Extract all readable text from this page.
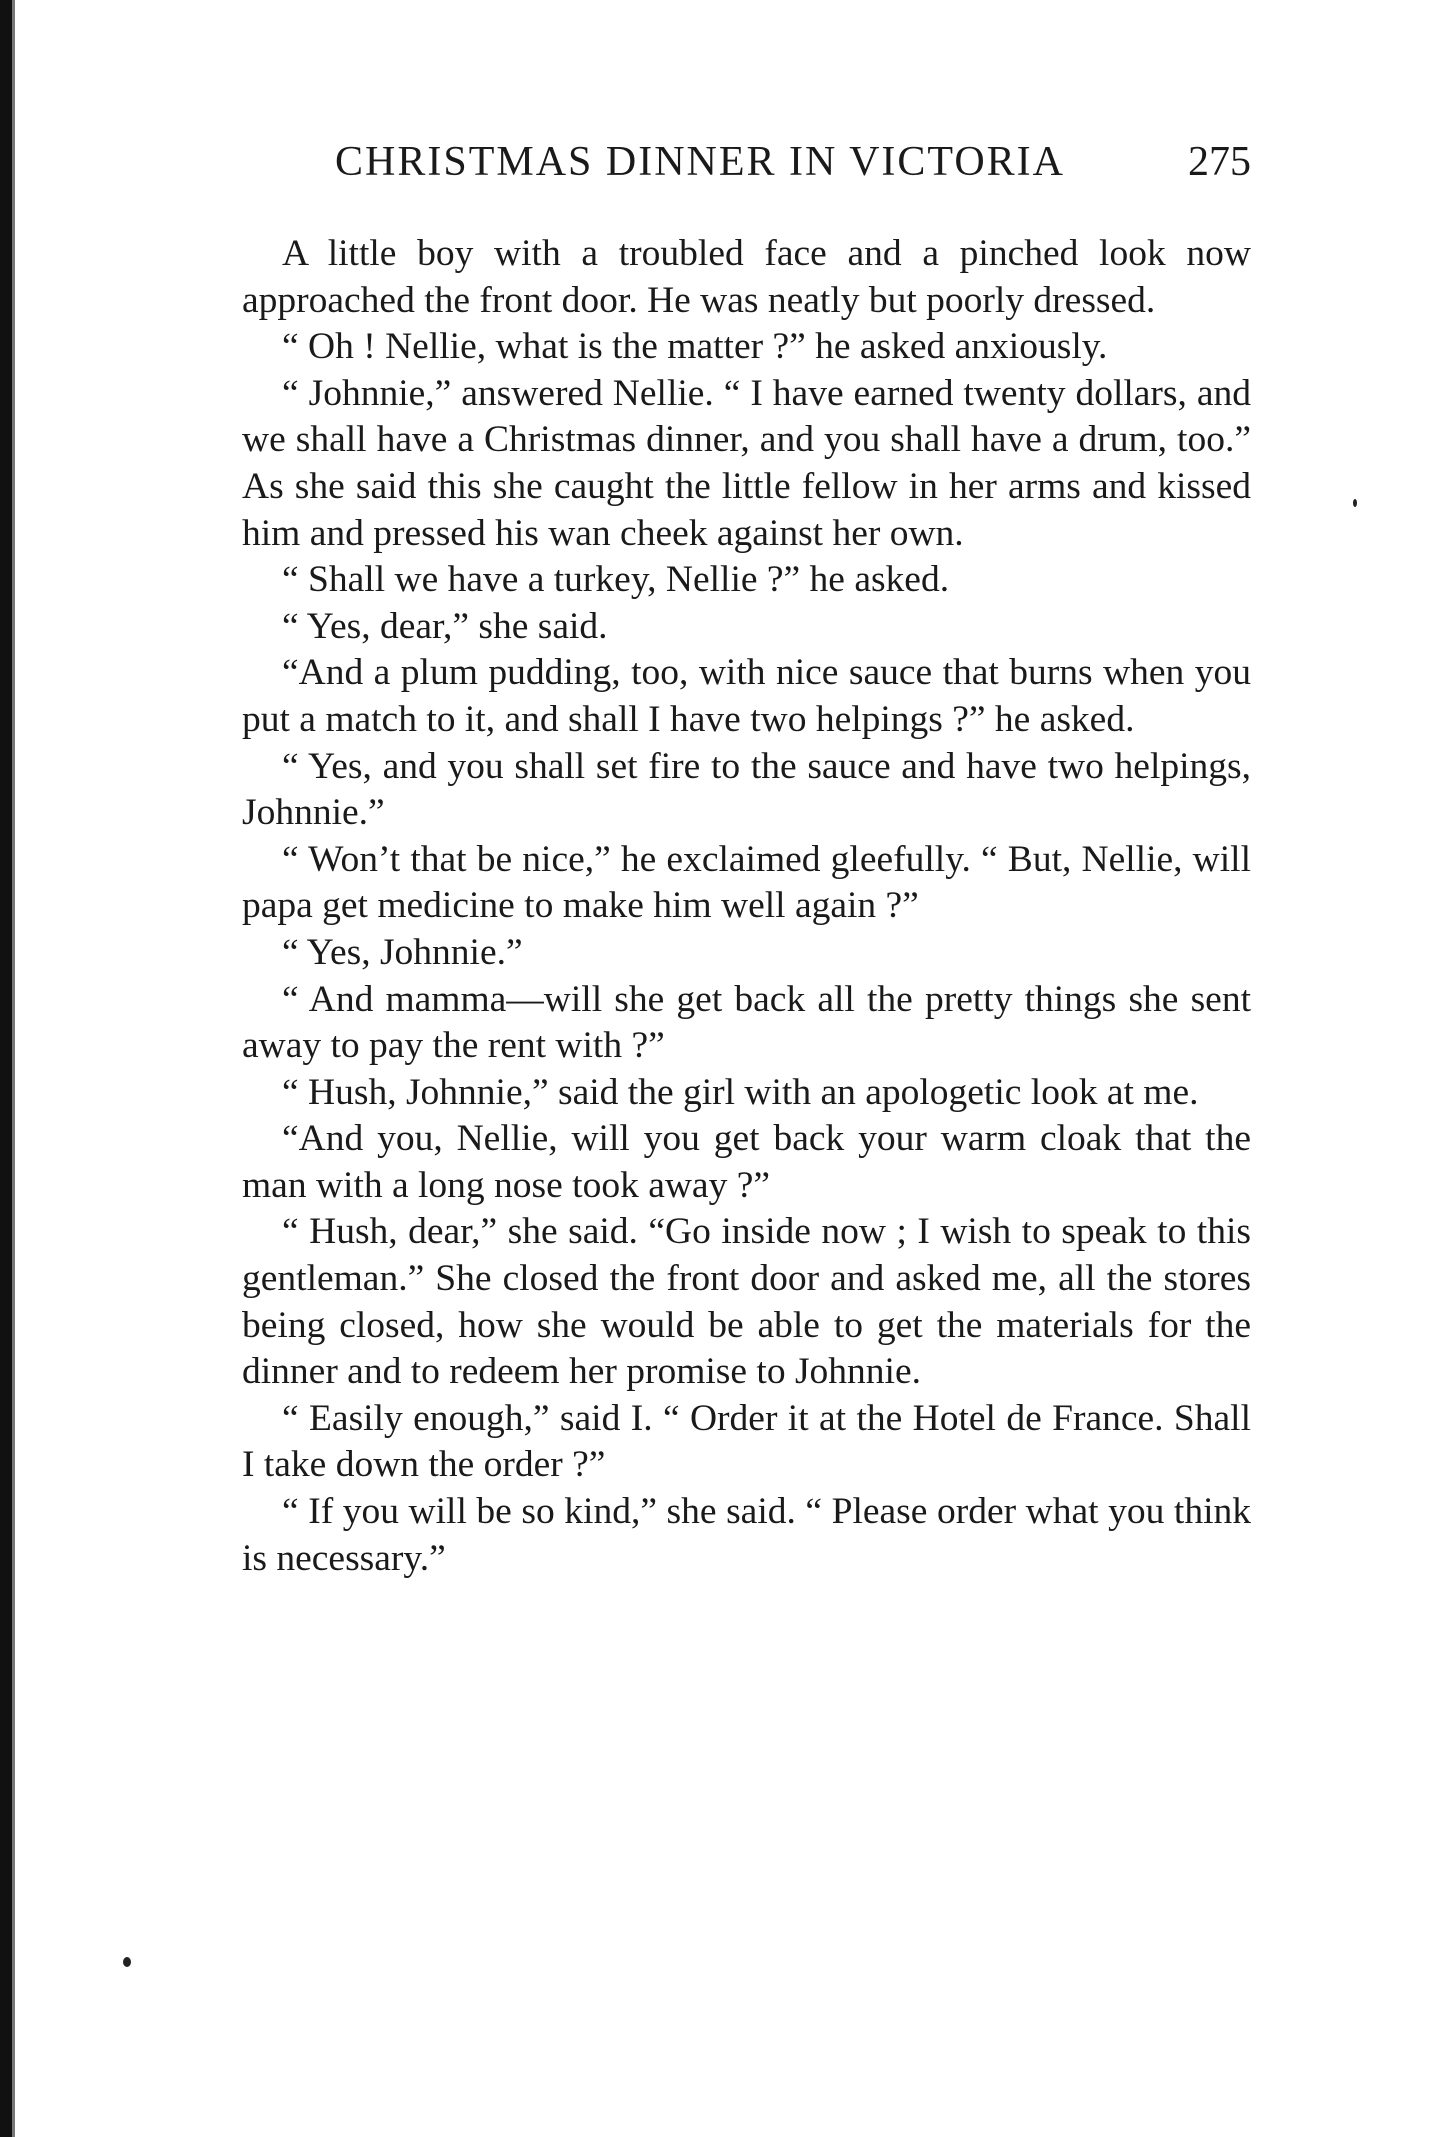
CHRISTMAS DINNER IN VICTORIA	275

A little boy with a troubled face and a pinched look now approached the front door. He was neatly but poorly dressed.

“ Oh ! Nellie, what is the matter ?” he asked anxiously.

“ Johnnie,” answered Nellie. “ I have earned twenty dollars, and we shall have a Christmas dinner, and you shall have a drum, too.” As she said this she caught the little fellow in her arms and kissed him and pressed his wan cheek against her own.

“ Shall we have a turkey, Nellie ?” he asked.

“ Yes, dear,” she said.

“And a plum pudding, too, with nice sauce that burns when you put a match to it, and shall I have two helpings ?” he asked.

“ Yes, and you shall set fire to the sauce and have two helpings, Johnnie.”

“ Won’t that be nice,” he exclaimed gleefully. “ But, Nellie, will papa get medicine to make him well again ?”

“ Yes, Johnnie.”

“ And mamma—will she get back all the pretty things she sent away to pay the rent with ?”

“ Hush, Johnnie,” said the girl with an apologetic look at me.

“And you, Nellie, will you get back your warm cloak that the man with a long nose took away ?”

“ Hush, dear,” she said. “Go inside now ; I wish to speak to this gentleman.” She closed the front door and asked me, all the stores being closed, how she would be able to get the materials for the dinner and to redeem her promise to Johnnie.

“ Easily enough,” said I. “ Order it at the Hotel de France. Shall I take down the order ?”

“ If you will be so kind,” she said. “ Please order what you think is necessary.”
